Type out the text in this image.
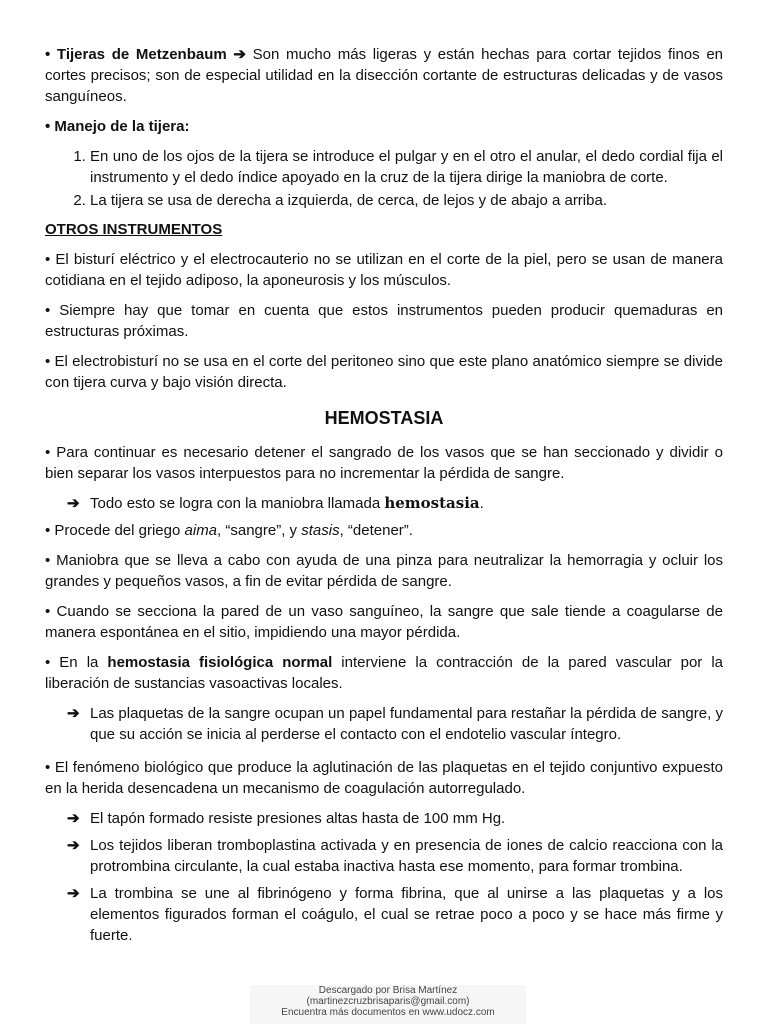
• Tijeras de Metzenbaum ➔ Son mucho más ligeras y están hechas para cortar tejidos finos en cortes precisos; son de especial utilidad en la disección cortante de estructuras delicadas y de vasos sanguíneos.

• Manejo de la tijera:

1. En uno de los ojos de la tijera se introduce el pulgar y en el otro el anular, el dedo cordial fija el instrumento y el dedo índice apoyado en la cruz de la tijera dirige la maniobra de corte.
2. La tijera se usa de derecha a izquierda, de cerca, de lejos y de abajo a arriba.
OTROS INSTRUMENTOS

• El bisturí eléctrico y el electrocauterio no se utilizan en el corte de la piel, pero se usan de manera cotidiana en el tejido adiposo, la aponeurosis y los músculos.

• Siempre hay que tomar en cuenta que estos instrumentos pueden producir quemaduras en estructuras próximas.

• El electrobisturí no se usa en el corte del peritoneo sino que este plano anatómico siempre se divide con tijera curva y bajo visión directa.

HEMOSTASIA

• Para continuar es necesario detener el sangrado de los vasos que se han seccionado y dividir o bien separar los vasos interpuestos para no incrementar la pérdida de sangre.

➔ Todo esto se logra con la maniobra llamada hemostasia.

• Procede del griego aima, “sangre”, y stasis, “detener”.

• Maniobra que se lleva a cabo con ayuda de una pinza para neutralizar la hemorragia y ocluir los grandes y pequeños vasos, a fin de evitar pérdida de sangre.

• Cuando se secciona la pared de un vaso sanguíneo, la sangre que sale tiende a coagularse de manera espontánea en el sitio, impidiendo una mayor pérdida.

• En la hemostasia fisiológica normal interviene la contracción de la pared vascular por la liberación de sustancias vasoactivas locales.

➔ Las plaquetas de la sangre ocupan un papel fundamental para restañar la pérdida de sangre, y que su acción se inicia al perderse el contacto con el endotelio vascular íntegro.

• El fenómeno biológico que produce la aglutinación de las plaquetas en el tejido conjuntivo expuesto en la herida desencadena un mecanismo de coagulación autorregulado.

➔ El tapón formado resiste presiones altas hasta de 100 mm Hg.
➔ Los tejidos liberan tromboplastina activada y en presencia de iones de calcio reacciona con la protrombina circulante, la cual estaba inactiva hasta ese momento, para formar trombina.
➔ La trombina se une al fibrinógeno y forma fibrina, que al unirse a las plaquetas y a los elementos figurados forman el coágulo, el cual se retrae poco a poco y se hace más firme y fuerte.
Descargado por Brisa Martínez
(martinezcruzbrisaparis@gmail.com)
Encuentra más documentos en www.udocz.com
